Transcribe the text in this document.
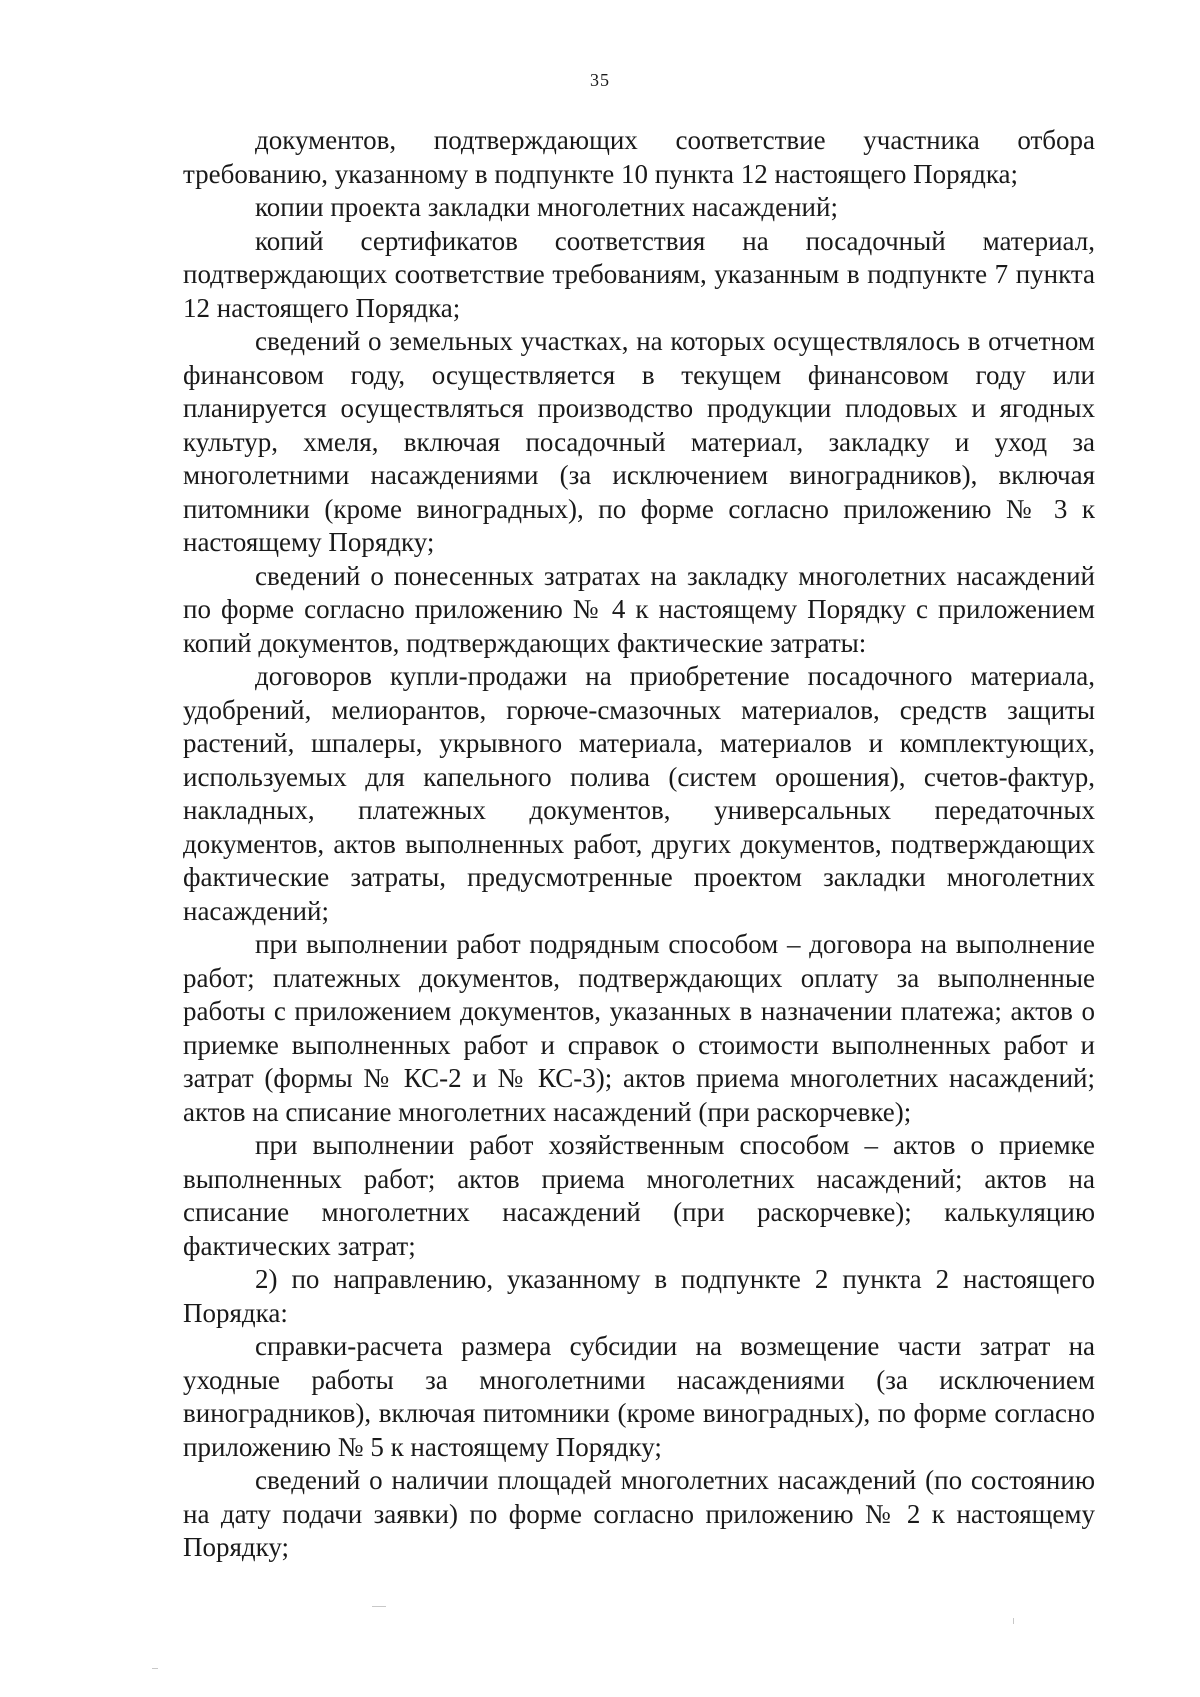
35

документов, подтверждающих соответствие участника отбора требованию, указанному в подпункте 10 пункта 12 настоящего Порядка;

копии проекта закладки многолетних насаждений;

копий сертификатов соответствия на посадочный материал, подтверждающих соответствие требованиям, указанным в подпункте 7 пункта 12 настоящего Порядка;

сведений о земельных участках, на которых осуществлялось в отчетном финансовом году, осуществляется в текущем финансовом году или планируется осуществляться производство продукции плодовых и ягодных культур, хмеля, включая посадочный материал, закладку и уход за многолетними насаждениями (за исключением виноградников), включая питомники (кроме виноградных), по форме согласно приложению № 3 к настоящему Порядку;

сведений о понесенных затратах на закладку многолетних насаждений по форме согласно приложению № 4 к настоящему Порядку с приложением копий документов, подтверждающих фактические затраты:

договоров купли-продажи на приобретение посадочного материала, удобрений, мелиорантов, горюче-смазочных материалов, средств защиты растений, шпалеры, укрывного материала, материалов и комплектующих, используемых для капельного полива (систем орошения), счетов-фактур, накладных, платежных документов, универсальных передаточных документов, актов выполненных работ, других документов, подтверждающих фактические затраты, предусмотренные проектом закладки многолетних насаждений;

при выполнении работ подрядным способом – договора на выполнение работ; платежных документов, подтверждающих оплату за выполненные работы с приложением документов, указанных в назначении платежа; актов о приемке выполненных работ и справок о стоимости выполненных работ и затрат (формы № КС-2 и № КС-3); актов приема многолетних насаждений; актов на списание многолетних насаждений (при раскорчевке);

при выполнении работ хозяйственным способом – актов о приемке выполненных работ; актов приема многолетних насаждений; актов на списание многолетних насаждений (при раскорчевке); калькуляцию фактических затрат;

2) по направлению, указанному в подпункте 2 пункта 2 настоящего Порядка:

справки-расчета размера субсидии на возмещение части затрат на уходные работы за многолетними насаждениями (за исключением виноградников), включая питомники (кроме виноградных), по форме согласно приложению № 5 к настоящему Порядку;

сведений о наличии площадей многолетних насаждений (по состоянию на дату подачи заявки) по форме согласно приложению № 2 к настоящему Порядку;
